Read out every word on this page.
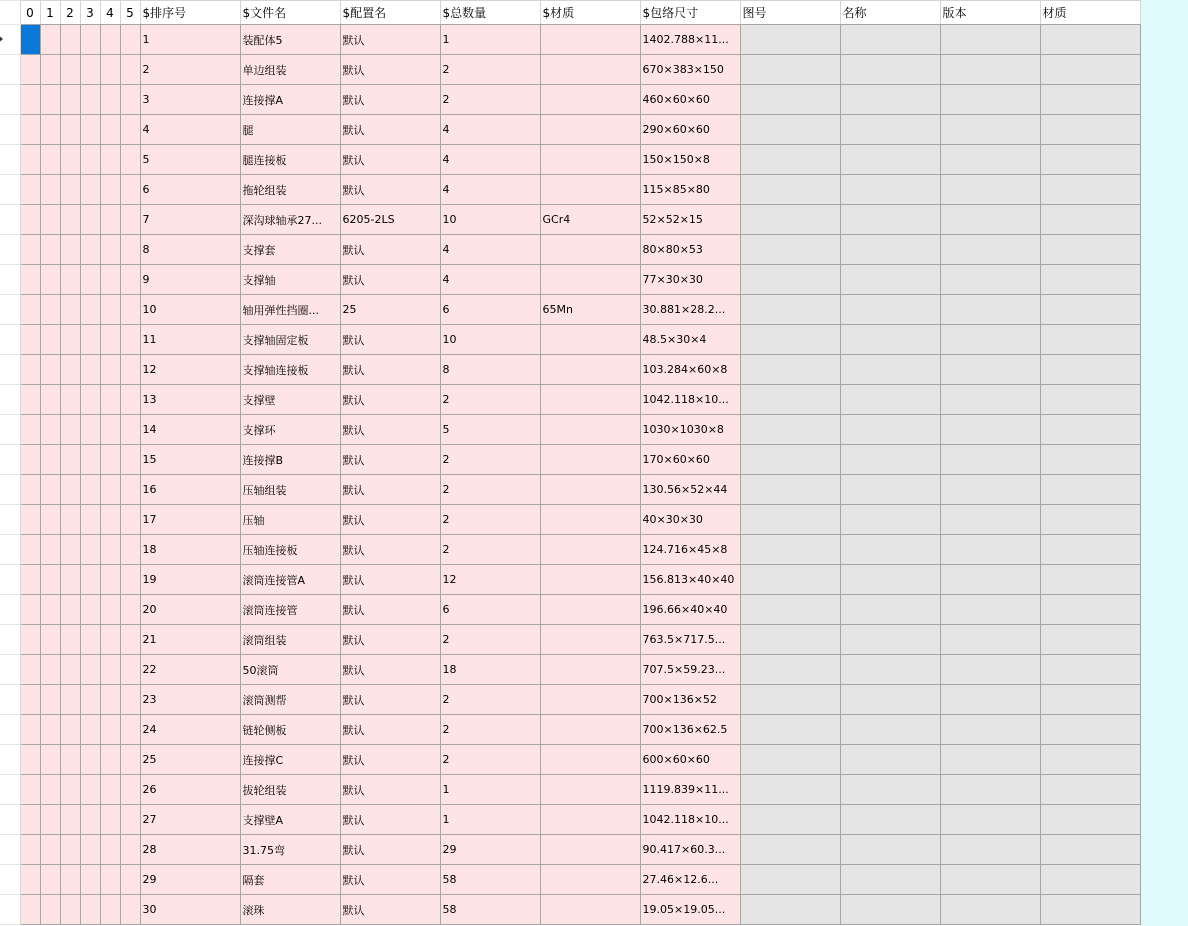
	0	1	2	3	4	5	$排序号	$文件名	$配置名	$总数量	$材质	$包络尺寸	图号	名称	版本	材质

							1	装配体5	默认	1		1402.788×11...				
							2	单边组装	默认	2		670×383×150				
							3	连接撑A	默认	2		460×60×60				
							4	腿	默认	4		290×60×60				
							5	腿连接板	默认	4		150×150×8				
							6	拖轮组装	默认	4		115×85×80				
							7	深沟球轴承27...	6205-2LS	10	GCr4	52×52×15				
							8	支撑套	默认	4		80×80×53				
							9	支撑轴	默认	4		77×30×30				
							10	轴用弹性挡圈...	25	6	65Mn	30.881×28.2...				
							11	支撑轴固定板	默认	10		48.5×30×4				
							12	支撑轴连接板	默认	8		103.284×60×8				
							13	支撑壁	默认	2		1042.118×10...				
							14	支撑环	默认	5		1030×1030×8				
							15	连接撑B	默认	2		170×60×60				
							16	压轴组装	默认	2		130.56×52×44				
							17	压轴	默认	2		40×30×30				
							18	压轴连接板	默认	2		124.716×45×8				
							19	滚筒连接管A	默认	12		156.813×40×40				
							20	滚筒连接管	默认	6		196.66×40×40				
							21	滚筒组装	默认	2		763.5×717.5...				
							22	50滚筒	默认	18		707.5×59.23...				
							23	滚筒测帮	默认	2		700×136×52				
							24	链轮侧板	默认	2		700×136×62.5				
							25	连接撑C	默认	2		600×60×60				
							26	拔轮组装	默认	1		1119.839×11...				
							27	支撑壁A	默认	1		1042.118×10...				
							28	31.75弯	默认	29		90.417×60.3...				
							29	隔套	默认	58		27.46×12.6...				
							30	滚珠	默认	58		19.05×19.05...				
